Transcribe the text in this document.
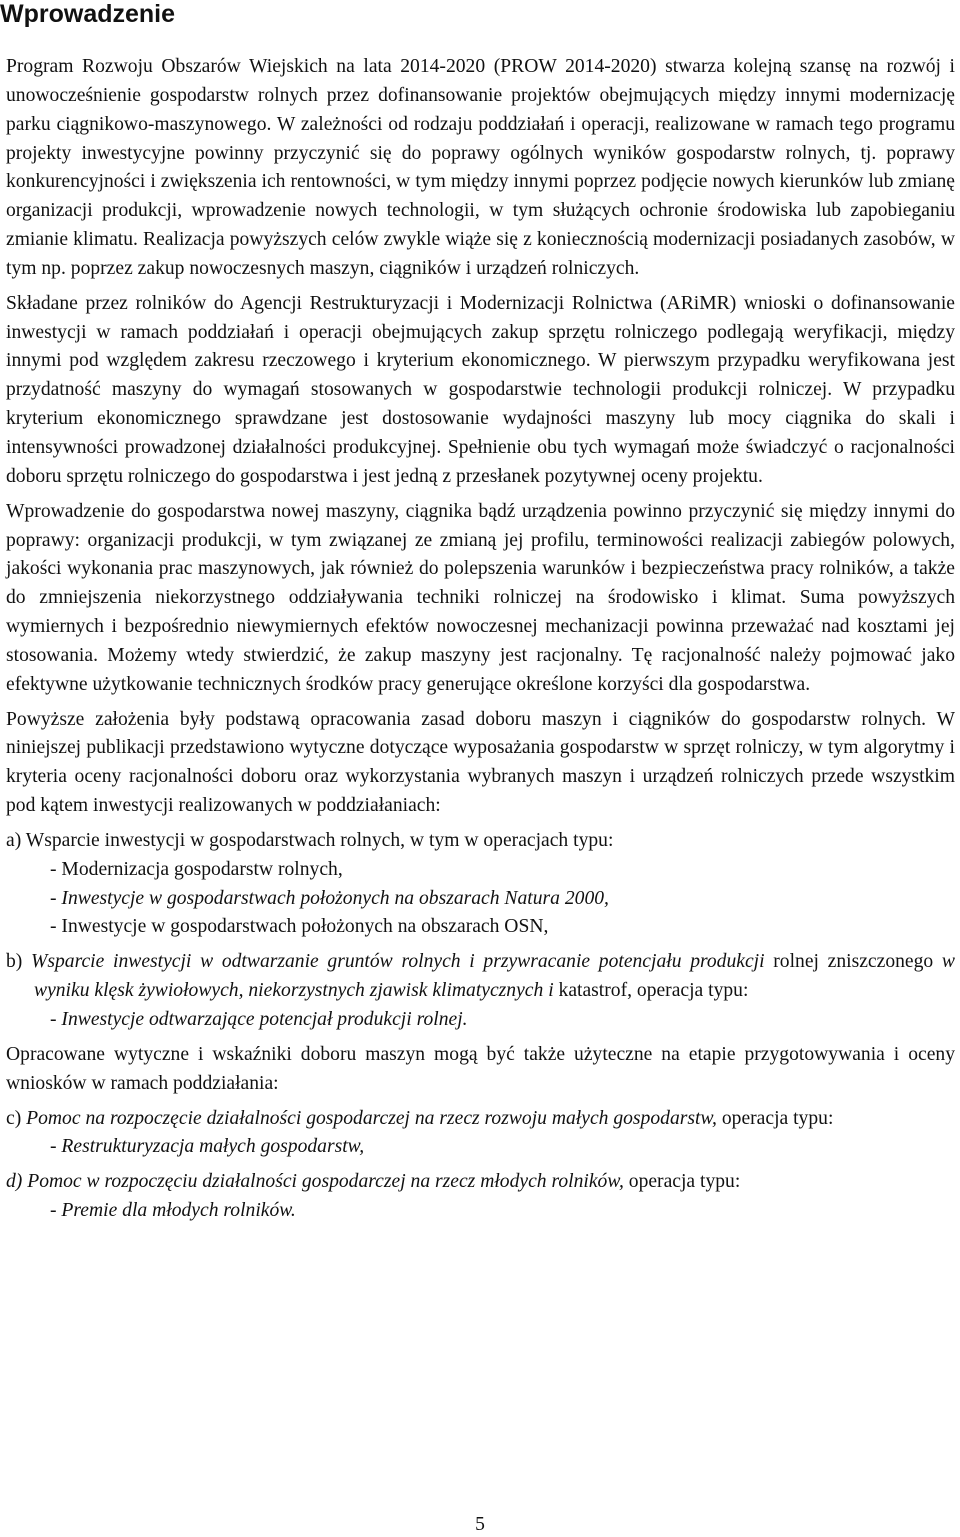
Wprowadzenie

Program Rozwoju Obszarów Wiejskich na lata 2014-2020 (PROW 2014-2020) stwarza kolejną szansę na rozwój i unowocześnienie gospodarstw rolnych przez dofinansowanie projektów obejmujących między innymi modernizację parku ciągnikowo-maszynowego. W zależności od rodzaju poddziałań i operacji, realizowane w ramach tego programu projekty inwestycyjne powinny przyczynić się do poprawy ogólnych wyników gospodarstw rolnych, tj. poprawy konkurencyjności i zwiększenia ich rentowności, w tym między innymi poprzez podjęcie nowych kierunków lub zmianę organizacji produkcji, wprowadzenie nowych technologii, w tym służących ochronie środowiska lub zapobieganiu zmianie klimatu. Realizacja powyższych celów zwykle wiąże się z koniecznością modernizacji posiadanych zasobów, w tym np. poprzez zakup nowoczesnych maszyn, ciągników i urządzeń rolniczych.

Składane przez rolników do Agencji Restrukturyzacji i Modernizacji Rolnictwa (ARiMR) wnioski o dofinansowanie inwestycji w ramach poddziałań i operacji obejmujących zakup sprzętu rolniczego podlegają weryfikacji, między innymi pod względem zakresu rzeczowego i kryterium ekonomicznego. W pierwszym przypadku weryfikowana jest przydatność maszyny do wymagań stosowanych w gospodarstwie technologii produkcji rolniczej. W przypadku kryterium ekonomicznego sprawdzane jest dostosowanie wydajności maszyny lub mocy ciągnika do skali i intensywności prowadzonej działalności produkcyjnej. Spełnienie obu tych wymagań może świadczyć o racjonalności doboru sprzętu rolniczego do gospodarstwa i jest jedną z przesłanek pozytywnej oceny projektu.

Wprowadzenie do gospodarstwa nowej maszyny, ciągnika bądź urządzenia powinno przyczynić się między innymi do poprawy: organizacji produkcji, w tym związanej ze zmianą jej profilu, terminowości realizacji zabiegów polowych, jakości wykonania prac maszynowych, jak również do polepszenia warunków i bezpieczeństwa pracy rolników, a także do zmniejszenia niekorzystnego oddziaływania techniki rolniczej na środowisko i klimat. Suma powyższych wymiernych i bezpośrednio niewymiernych efektów nowoczesnej mechanizacji powinna przeważać nad kosztami jej stosowania. Możemy wtedy stwierdzić, że zakup maszyny jest racjonalny. Tę racjonalność należy pojmować jako efektywne użytkowanie technicznych środków pracy generujące określone korzyści dla gospodarstwa.

Powyższe założenia były podstawą opracowania zasad doboru maszyn i ciągników do gospodarstw rolnych. W niniejszej publikacji przedstawiono wytyczne dotyczące wyposażania gospodarstw w sprzęt rolniczy, w tym algorytmy i kryteria oceny racjonalności doboru oraz wykorzystania wybranych maszyn i urządzeń rolniczych przede wszystkim pod kątem inwestycji realizowanych w poddziałaniach:

a) Wsparcie inwestycji w gospodarstwach rolnych, w tym w operacjach typu:
- Modernizacja gospodarstw rolnych,
- Inwestycje w gospodarstwach położonych na obszarach Natura 2000,
- Inwestycje w gospodarstwach położonych na obszarach OSN,
b) Wsparcie inwestycji w odtwarzanie gruntów rolnych i przywracanie potencjału produkcji rolnej zniszczonego w wyniku klęsk żywiołowych, niekorzystnych zjawisk klimatycznych i katastrof, operacja typu:
- Inwestycje odtwarzające potencjał produkcji rolnej.

Opracowane wytyczne i wskaźniki doboru maszyn mogą być także użyteczne na etapie przygotowywania i oceny wniosków w ramach poddziałania:

c) Pomoc na rozpoczęcie działalności gospodarczej na rzecz rozwoju małych gospodarstw, operacja typu:
- Restrukturyzacja małych gospodarstw,
d) Pomoc w rozpoczęciu działalności gospodarczej na rzecz młodych rolników, operacja typu:
- Premie dla młodych rolników.
5
